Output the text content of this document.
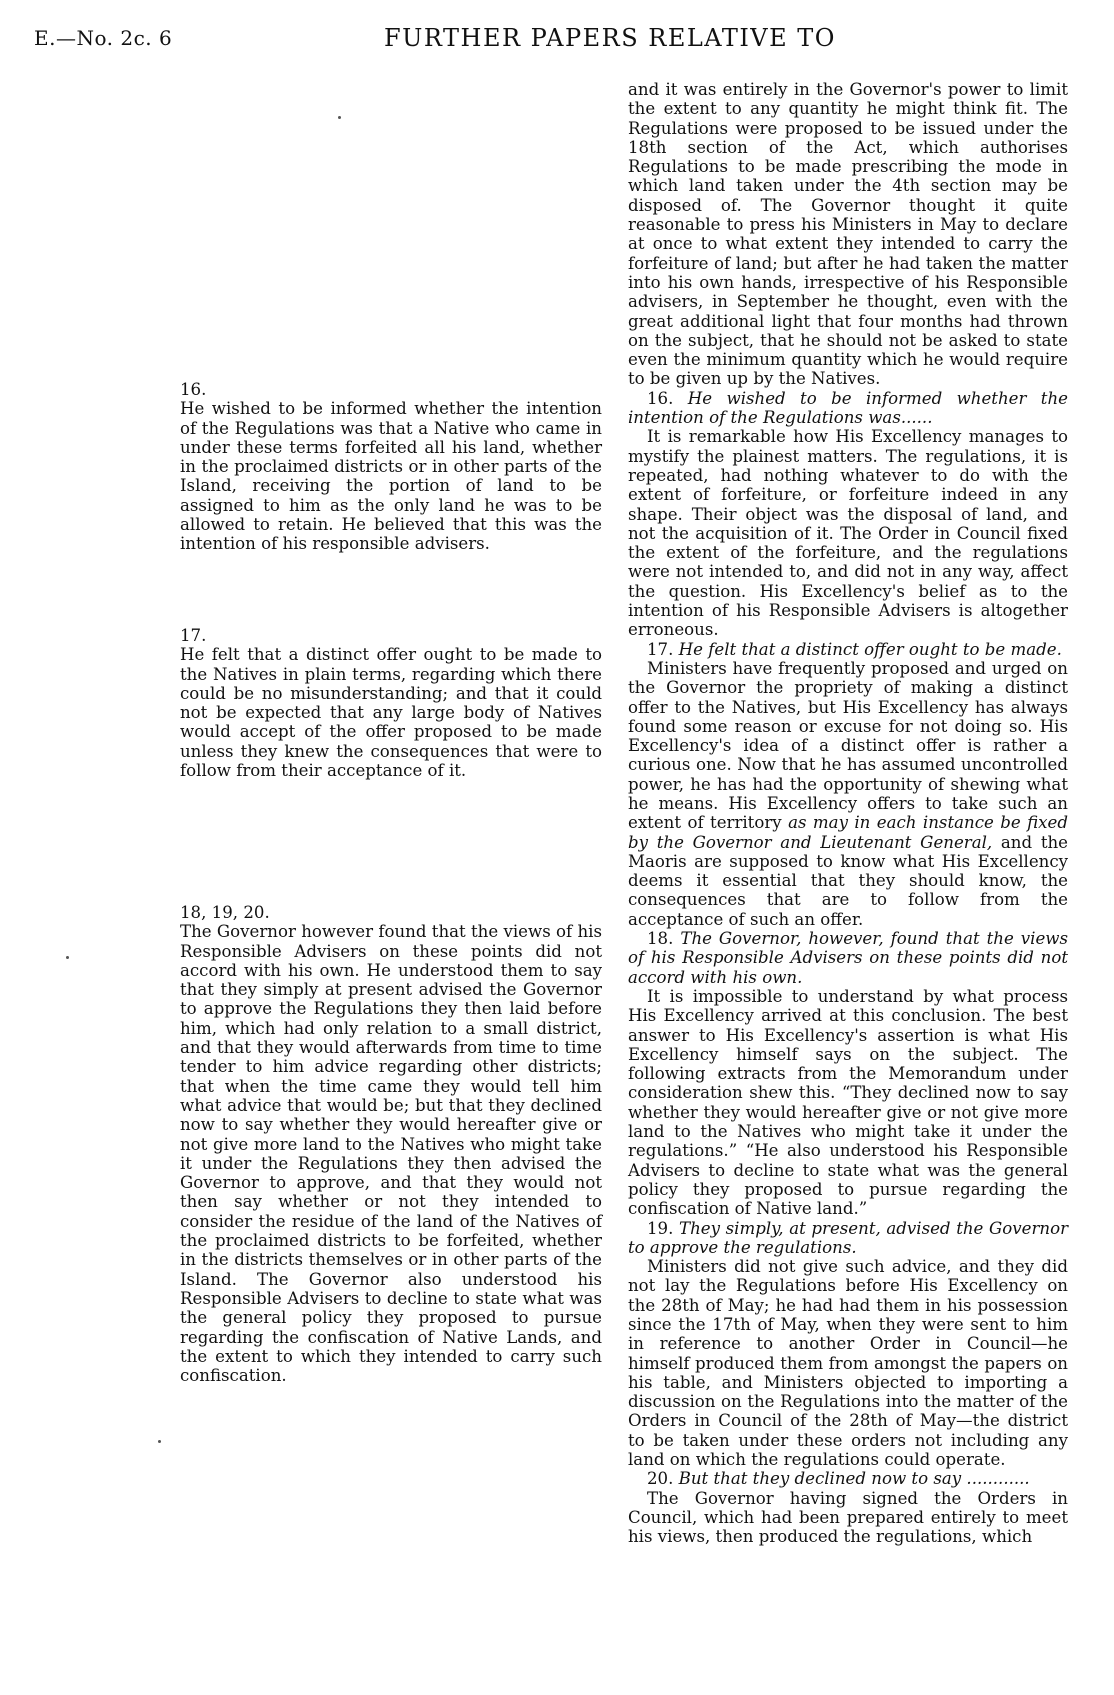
E.—No. 2c. 6	FURTHER PAPERS RELATIVE TO
16.

He wished to be informed whether the intention of the Regulations was that a Native who came in under these terms forfeited all his land, whether in the proclaimed districts or in other parts of the Island, receiving the portion of land to be assigned to him as the only land he was to be allowed to retain. He believed that this was the intention of his responsible advisers.

17.

He felt that a distinct offer ought to be made to the Natives in plain terms, regarding which there could be no misunderstanding; and that it could not be expected that any large body of Natives would accept of the offer proposed to be made unless they knew the consequences that were to follow from their acceptance of it.

18, 19, 20.

The Governor however found that the views of his Responsible Advisers on these points did not accord with his own. He understood them to say that they simply at present advised the Governor to approve the Regulations they then laid before him, which had only relation to a small district, and that they would afterwards from time to time tender to him advice regarding other districts; that when the time came they would tell him what advice that would be; but that they declined now to say whether they would hereafter give or not give more land to the Natives who might take it under the Regulations they then advised the Governor to approve, and that they would not then say whether or not they intended to consider the residue of the land of the Natives of the proclaimed districts to be forfeited, whether in the districts themselves or in other parts of the Island. The Governor also understood his Responsible Advisers to decline to state what was the general policy they proposed to pursue regarding the confiscation of Native Lands, and the extent to which they intended to carry such confiscation.

and it was entirely in the Governor's power to limit the extent to any quantity he might think fit. The Regulations were proposed to be issued under the 18th section of the Act, which authorises Regulations to be made prescribing the mode in which land taken under the 4th section may be disposed of. The Governor thought it quite reasonable to press his Ministers in May to declare at once to what extent they intended to carry the forfeiture of land; but after he had taken the matter into his own hands, irrespective of his Responsible advisers, in September he thought, even with the great additional light that four months had thrown on the subject, that he should not be asked to state even the minimum quantity which he would require to be given up by the Natives.

16. He wished to be informed whether the intention of the Regulations was......

It is remarkable how His Excellency manages to mystify the plainest matters. The regulations, it is repeated, had nothing whatever to do with the extent of forfeiture, or forfeiture indeed in any shape. Their object was the disposal of land, and not the acquisition of it. The Order in Council fixed the extent of the forfeiture, and the regulations were not intended to, and did not in any way, affect the question. His Excellency's belief as to the intention of his Responsible Advisers is altogether erroneous.

17. He felt that a distinct offer ought to be made.

Ministers have frequently proposed and urged on the Governor the propriety of making a distinct offer to the Natives, but His Excellency has always found some reason or excuse for not doing so. His Excellency's idea of a distinct offer is rather a curious one. Now that he has assumed uncontrolled power, he has had the opportunity of shewing what he means. His Excellency offers to take such an extent of territory as may in each instance be fixed by the Governor and Lieutenant General, and the Maoris are supposed to know what His Excellency deems it essential that they should know, the consequences that are to follow from the acceptance of such an offer.

18. The Governor, however, found that the views of his Responsible Advisers on these points did not accord with his own.

It is impossible to understand by what process His Excellency arrived at this conclusion. The best answer to His Excellency's assertion is what His Excellency himself says on the subject. The following extracts from the Memorandum under consideration shew this. “They declined now to say whether they would hereafter give or not give more land to the Natives who might take it under the regulations.” “He also understood his Responsible Advisers to decline to state what was the general policy they proposed to pursue regarding the confiscation of Native land.”

19. They simply, at present, advised the Governor to approve the regulations.

Ministers did not give such advice, and they did not lay the Regulations before His Excellency on the 28th of May; he had had them in his possession since the 17th of May, when they were sent to him in reference to another Order in Council—he himself produced them from amongst the papers on his table, and Ministers objected to importing a discussion on the Regulations into the matter of the Orders in Council of the 28th of May—the district to be taken under these orders not including any land on which the regulations could operate.

20. But that they declined now to say ............

The Governor having signed the Orders in Council, which had been prepared entirely to meet his views, then produced the regulations, which
